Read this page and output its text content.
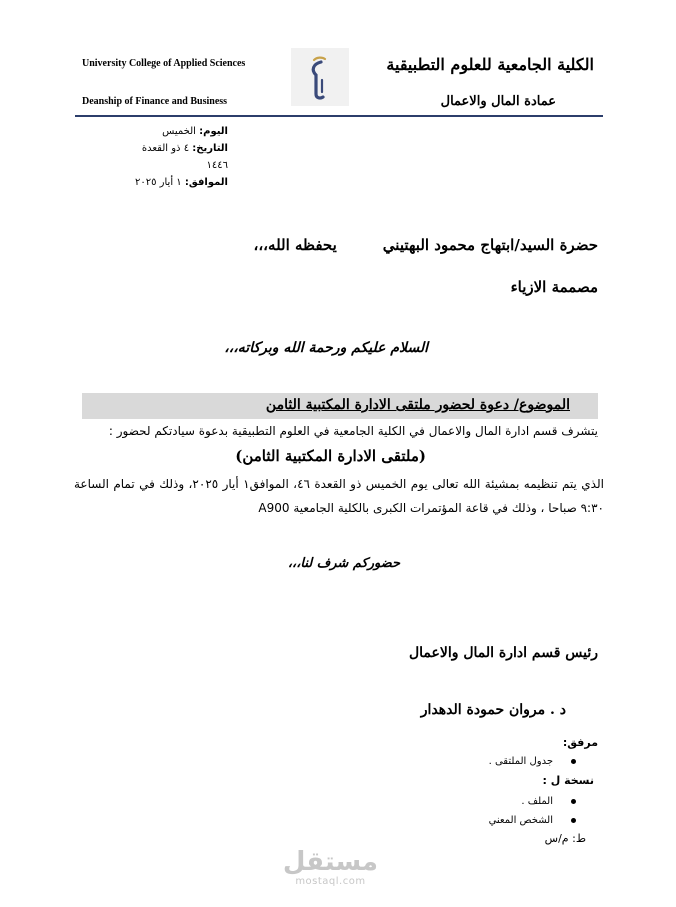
University College of Applied Sciences
Deanship of Finance and Business
الكلية الجامعية للعلوم التطبيقية
عمادة المال والاعمال
اليوم: الخميس
التاريخ: ٤ ذو القعدة ١٤٤٦
الموافق: ١ أيار ٢٠٢٥
حضرة السيد/ابتهاج محمود البهتينييحفظه الله،،،
مصممة الازياء
السلام عليكم ورحمة الله وبركاته،،،
الموضوع/ دعوة لحضور ملتقى الادارة المكتبية الثامن
يتشرف قسم ادارة المال والاعمال في الكلية الجامعية في العلوم التطبيقية بدعوة سيادتكم لحضور :
(ملتقى الادارة المكتبية الثامن)
الذي يتم تنظيمه بمشيئة الله تعالى يوم الخميس ذو القعدة ٤٦، الموافق١ أيار ٢٠٢٥، وذلك في تمام الساعة ٩:٣٠ صباحا ، وذلك في قاعة المؤتمرات الكبرى بالكلية الجامعية A900
حضوركم شرف لنا،،،
رئيس قسم ادارة المال والاعمال
د . مروان حمودة الدهدار
مرفق:
جدول الملتقى .
نسخة ل :
الملف .
الشخص المعني
ط: م/س
مستقل
mostaql.com
